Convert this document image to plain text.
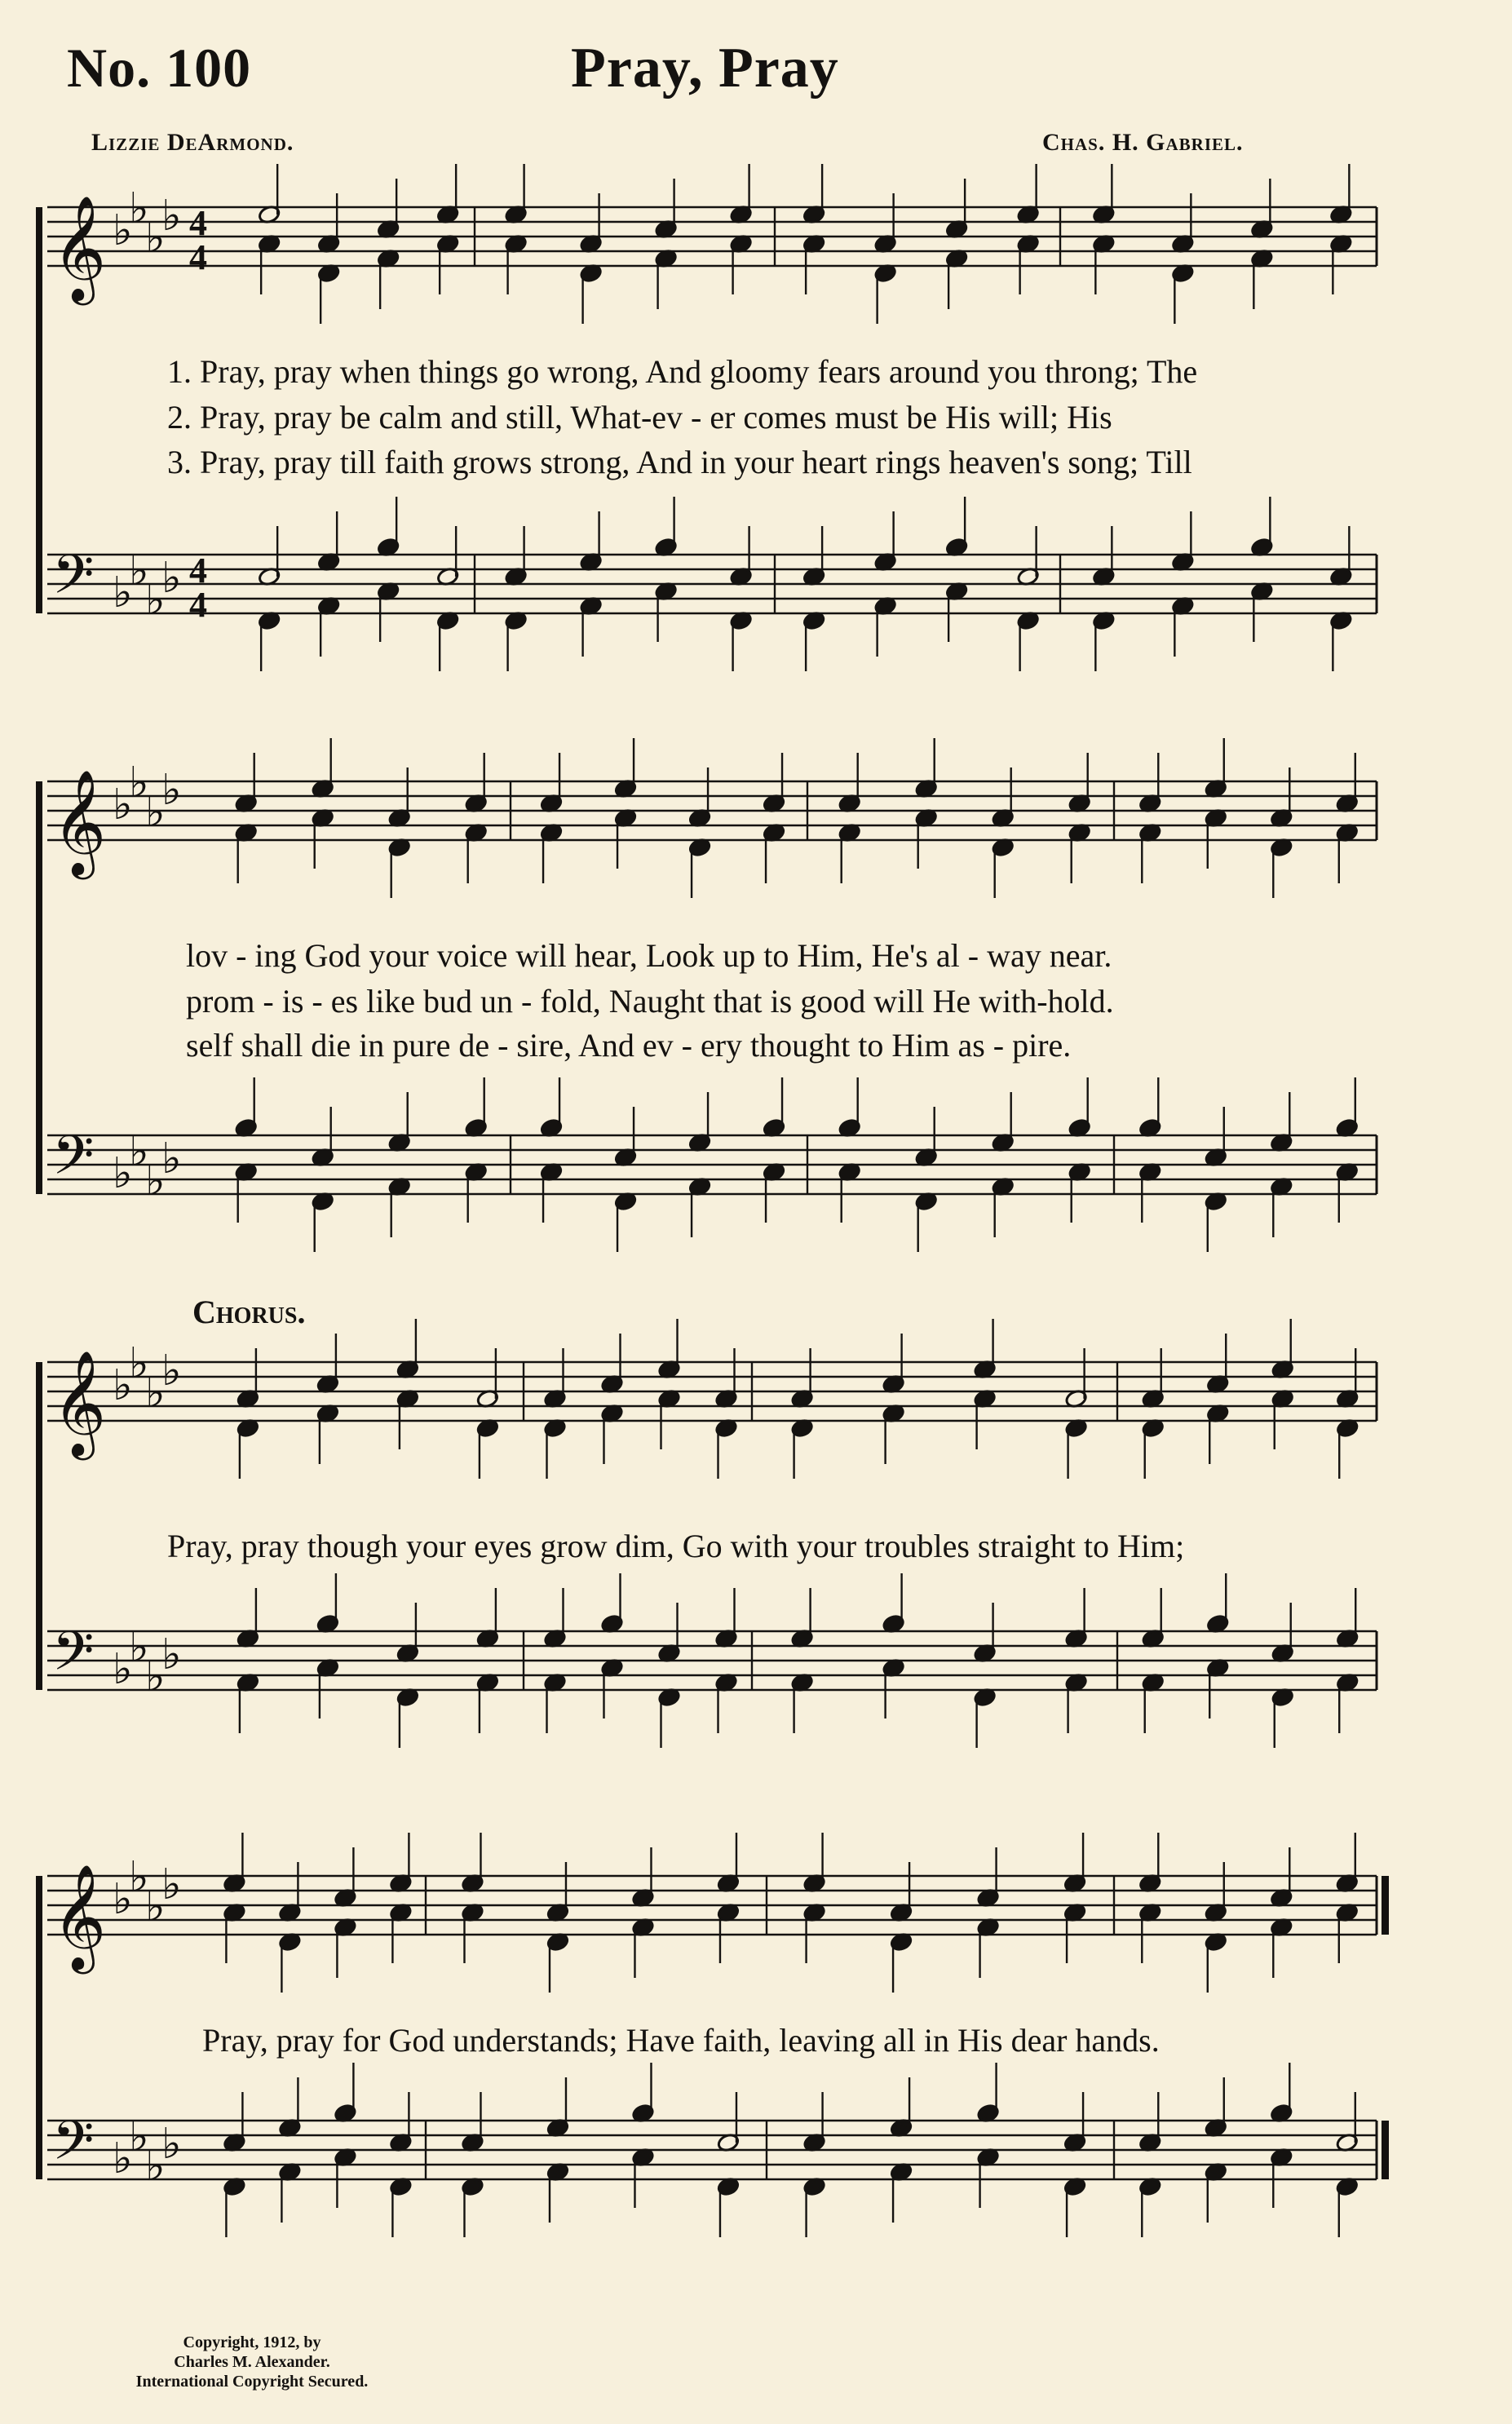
No. 100	Pray, Pray
Lizzie DeArmond.	Chas. H. Gabriel.
𝄞 ♭
♭
♭
♭ 4
4
𝄢 ♭
♭
♭
♭ 4
4
𝄞 ♭
♭
♭
♭
𝄢 ♭
♭
♭
♭
𝄞 ♭
♭
♭
♭
𝄢 ♭
♭
♭
♭
𝄞 ♭
♭
♭
♭
𝄢 ♭
♭
♭
♭
1. Pray, pray when things go wrong, And gloomy fears around you throng; The
2. Pray, pray be calm and still, What-ev - er comes must be His will; His
3. Pray, pray till faith grows strong, And in your heart rings heaven's song; Till
lov - ing God your voice will hear, Look up to Him, He's al - way near.
prom - is - es like bud un - fold, Naught that is good will He with-hold.
self shall die in pure de - sire, And ev - ery thought to Him as - pire.
Chorus.
Pray, pray though your eyes grow dim, Go with your troubles straight to Him;
Pray, pray for God understands; Have faith, leaving all in His dear hands.
Copyright, 1912, by
Charles M. Alexander.
International Copyright Secured.
